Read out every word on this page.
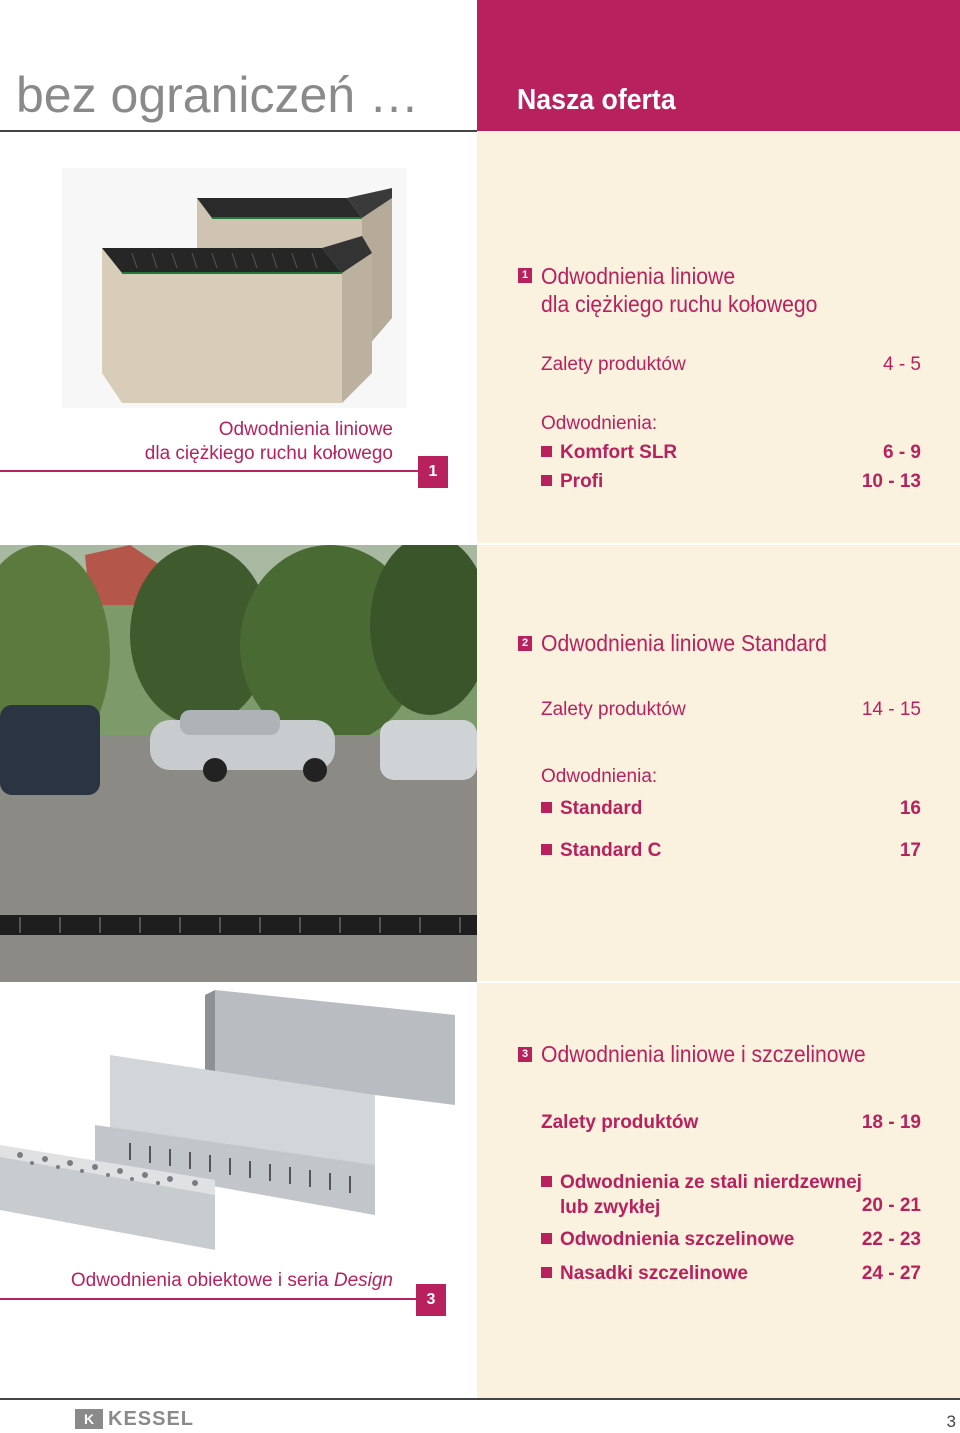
bez ograniczeń …	Nasza oferta
Odwodnienia liniowe
dla ciężkiego ruchu kołowego
1
1 Odwodnienia liniowe
dla ciężkiego ruchu kołowego
Zalety produktów	4 - 5
Odwodnienia:
Komfort SLR	6 - 9
Profi	10 - 13
2 Odwodnienia liniowe Standard
Zalety produktów	14 - 15
Odwodnienia:
Standard	16
Standard C	17
Odwodnienia obiektowe i seria Design
3
3 Odwodnienia liniowe i szczelinowe
Zalety produktów	18 - 19
Odwodnienia ze stali nierdzewnej
lub zwykłej	20 - 21
Odwodnienia szczelinowe	22 - 23
Nasadki szczelinowe	24 - 27
K KESSEL	3
